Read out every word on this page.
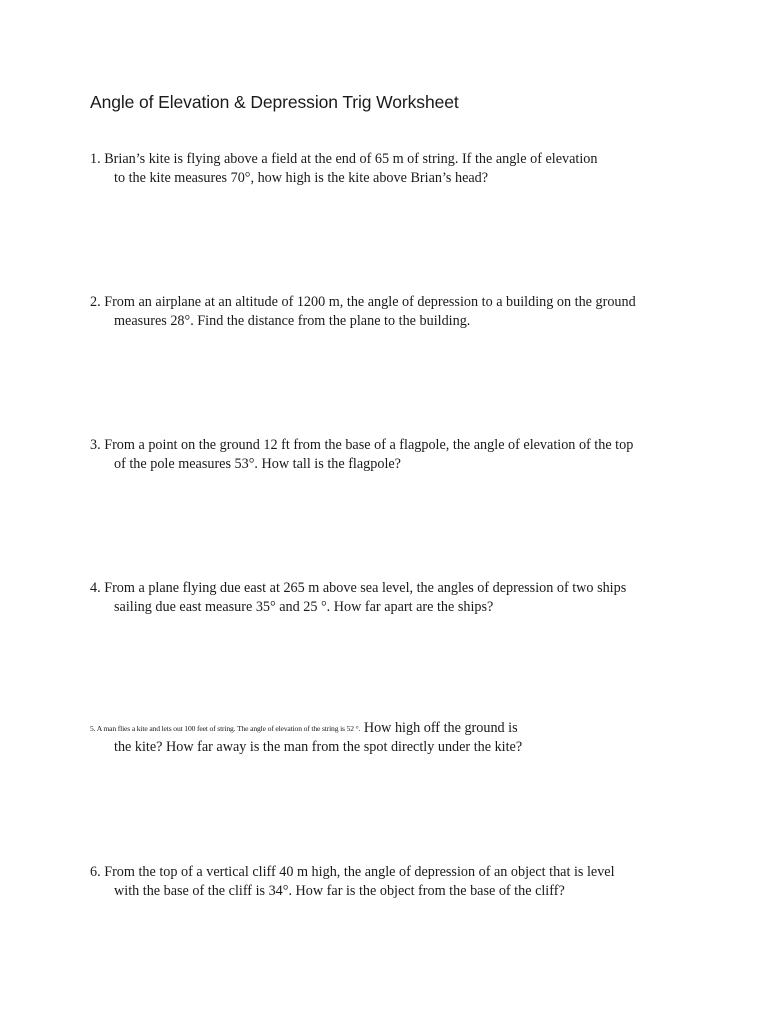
Angle of Elevation & Depression Trig Worksheet
1. Brian’s kite is flying above a field at the end of 65 m of string. If the angle of elevation
to the kite measures 70°, how high is the kite above Brian’s head?
2. From an airplane at an altitude of 1200 m, the angle of depression to a building on the ground
measures 28°. Find the distance from the plane to the building.
3. From a point on the ground 12 ft from the base of a flagpole, the angle of elevation of the top
of the pole measures 53°. How tall is the flagpole?
4. From a plane flying due east at 265 m above sea level, the angles of depression of two ships
sailing due east measure 35° and 25 °. How far apart are the ships?
5. A man flies a kite and lets out 100 feet of string. The angle of elevation of the string is 52 °. How high off the ground is
the kite? How far away is the man from the spot directly under the kite?
6. From the top of a vertical cliff 40 m high, the angle of depression of an object that is level
with the base of the cliff is 34°. How far is the object from the base of the cliff?
